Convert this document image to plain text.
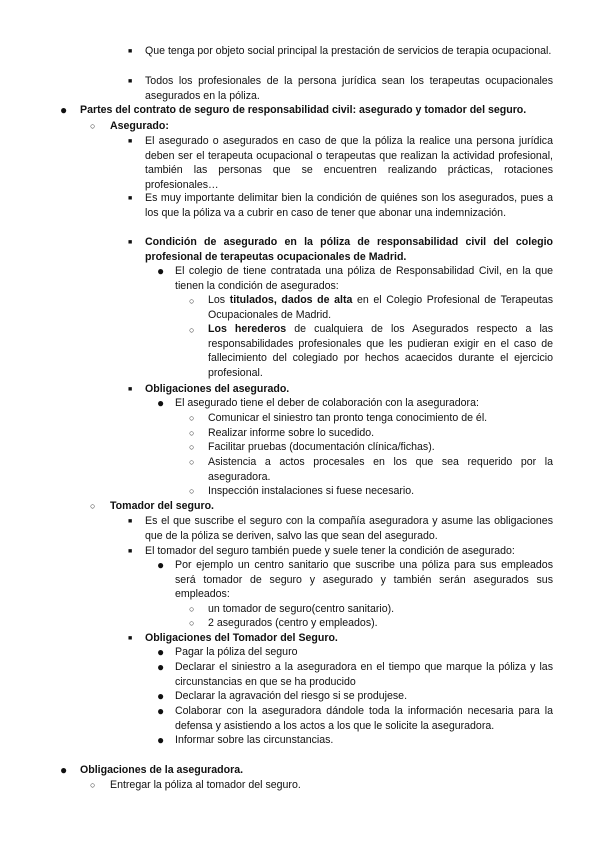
■ Que tenga por objeto social principal la prestación de servicios de terapia ocupacional.
■ Todos los profesionales de la persona jurídica sean los terapeutas ocupacionales asegurados en la póliza.
● Partes del contrato de seguro de responsabilidad civil: asegurado y tomador del seguro.
○ Asegurado:
■ El asegurado o asegurados en caso de que la póliza la realice una persona jurídica deben ser el terapeuta ocupacional o terapeutas que realizan la actividad profesional, también las personas que se encuentren realizando prácticas, rotaciones profesionales…
■ Es muy importante delimitar bien la condición de quiénes son los asegurados, pues a los que la póliza va a cubrir en caso de tener que abonar una indemnización.
■ Condición de asegurado en la póliza de responsabilidad civil del colegio profesional de terapeutas ocupacionales de Madrid.
● El colegio de tiene contratada una póliza de Responsabilidad Civil, en la que tienen la condición de asegurados:
○ Los titulados, dados de alta en el Colegio Profesional de Terapeutas Ocupacionales de Madrid.
○ Los herederos de cualquiera de los Asegurados respecto a las responsabilidades profesionales que les pudieran exigir en el caso de fallecimiento del colegiado por hechos acaecidos durante el ejercicio profesional.
■ Obligaciones del asegurado.
● El asegurado tiene el deber de colaboración con la aseguradora:
○ Comunicar el siniestro tan pronto tenga conocimiento de él.
○ Realizar informe sobre lo sucedido.
○ Facilitar pruebas (documentación clínica/fichas).
○ Asistencia a actos procesales en los que sea requerido por la aseguradora.
○ Inspección instalaciones si fuese necesario.
○ Tomador del seguro.
■ Es el que suscribe el seguro con la compañía aseguradora y asume las obligaciones que de la póliza se deriven, salvo las que sean del asegurado.
■ El tomador del seguro también puede y suele tener la condición de asegurado:
● Por ejemplo un centro sanitario que suscribe una póliza para sus empleados será tomador de seguro y asegurado y también serán asegurados sus empleados:
○ un tomador de seguro(centro sanitario).
○ 2 asegurados (centro y empleados).
■ Obligaciones del Tomador del Seguro.
● Pagar la póliza del seguro
● Declarar el siniestro a la aseguradora en el tiempo que marque la póliza y las circunstancias en que se ha producido
● Declarar la agravación del riesgo si se produjese.
● Colaborar con la aseguradora dándole toda la información necesaria para la defensa y asistiendo a los actos a los que le solicite la aseguradora.
● Informar sobre las circunstancias.
● Obligaciones de la aseguradora.
○ Entregar la póliza al tomador del seguro.
